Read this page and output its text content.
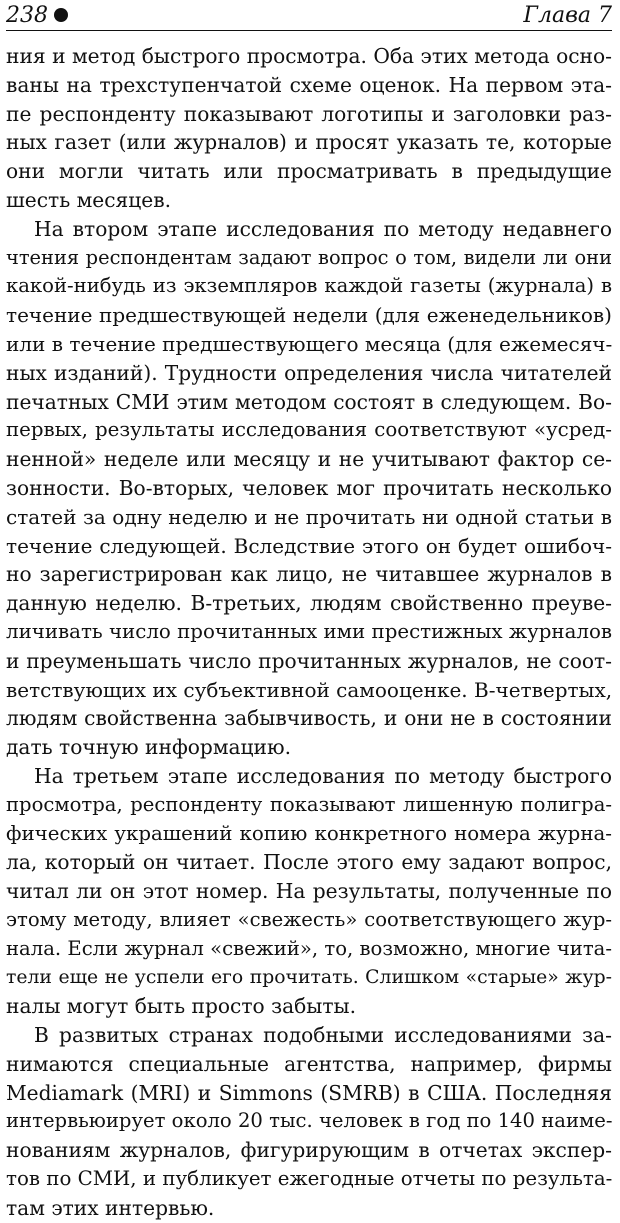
238	Глава 7
ния и метод быстрого просмотра. Оба этих метода осно-
ваны на трехступенчатой схеме оценок. На первом эта-
пе респонденту показывают логотипы и заголовки раз-
ных газет (или журналов) и просят указать те, которые
они могли читать или просматривать в предыдущие
шесть месяцев.
На втором этапе исследования по методу недавнего
чтения респондентам задают вопрос о том, видели ли они
какой-нибудь из экземпляров каждой газеты (журнала) в
течение предшествующей недели (для еженедельников)
или в течение предшествующего месяца (для ежемесяч-
ных изданий). Трудности определения числа читателей
печатных СМИ этим методом состоят в следующем. Во-
первых, результаты исследования соответствуют «усред-
ненной» неделе или месяцу и не учитывают фактор се-
зонности. Во-вторых, человек мог прочитать несколько
статей за одну неделю и не прочитать ни одной статьи в
течение следующей. Вследствие этого он будет ошибоч-
но зарегистрирован как лицо, не читавшее журналов в
данную неделю. В-третьих, людям свойственно преуве-
личивать число прочитанных ими престижных журналов
и преуменьшать число прочитанных журналов, не соот-
ветствующих их субъективной самооценке. В-четвертых,
людям свойственна забывчивость, и они не в состоянии
дать точную информацию.
На третьем этапе исследования по методу быстрого
просмотра, респонденту показывают лишенную полигра-
фических украшений копию конкретного номера журна-
ла, который он читает. После этого ему задают вопрос,
читал ли он этот номер. На результаты, полученные по
этому методу, влияет «свежесть» соответствующего жур-
нала. Если журнал «свежий», то, возможно, многие чита-
тели еще не успели его прочитать. Слишком «старые» жур-
налы могут быть просто забыты.
В развитых странах подобными исследованиями за-
нимаются специальные агентства, например, фирмы
Mediamark (MRI) и Simmons (SMRB) в США. Последняя
интервьюирует около 20 тыс. человек в год по 140 наиме-
нованиям журналов, фигурирующим в отчетах экспер-
тов по СМИ, и публикует ежегодные отчеты по результа-
там этих интервью.
